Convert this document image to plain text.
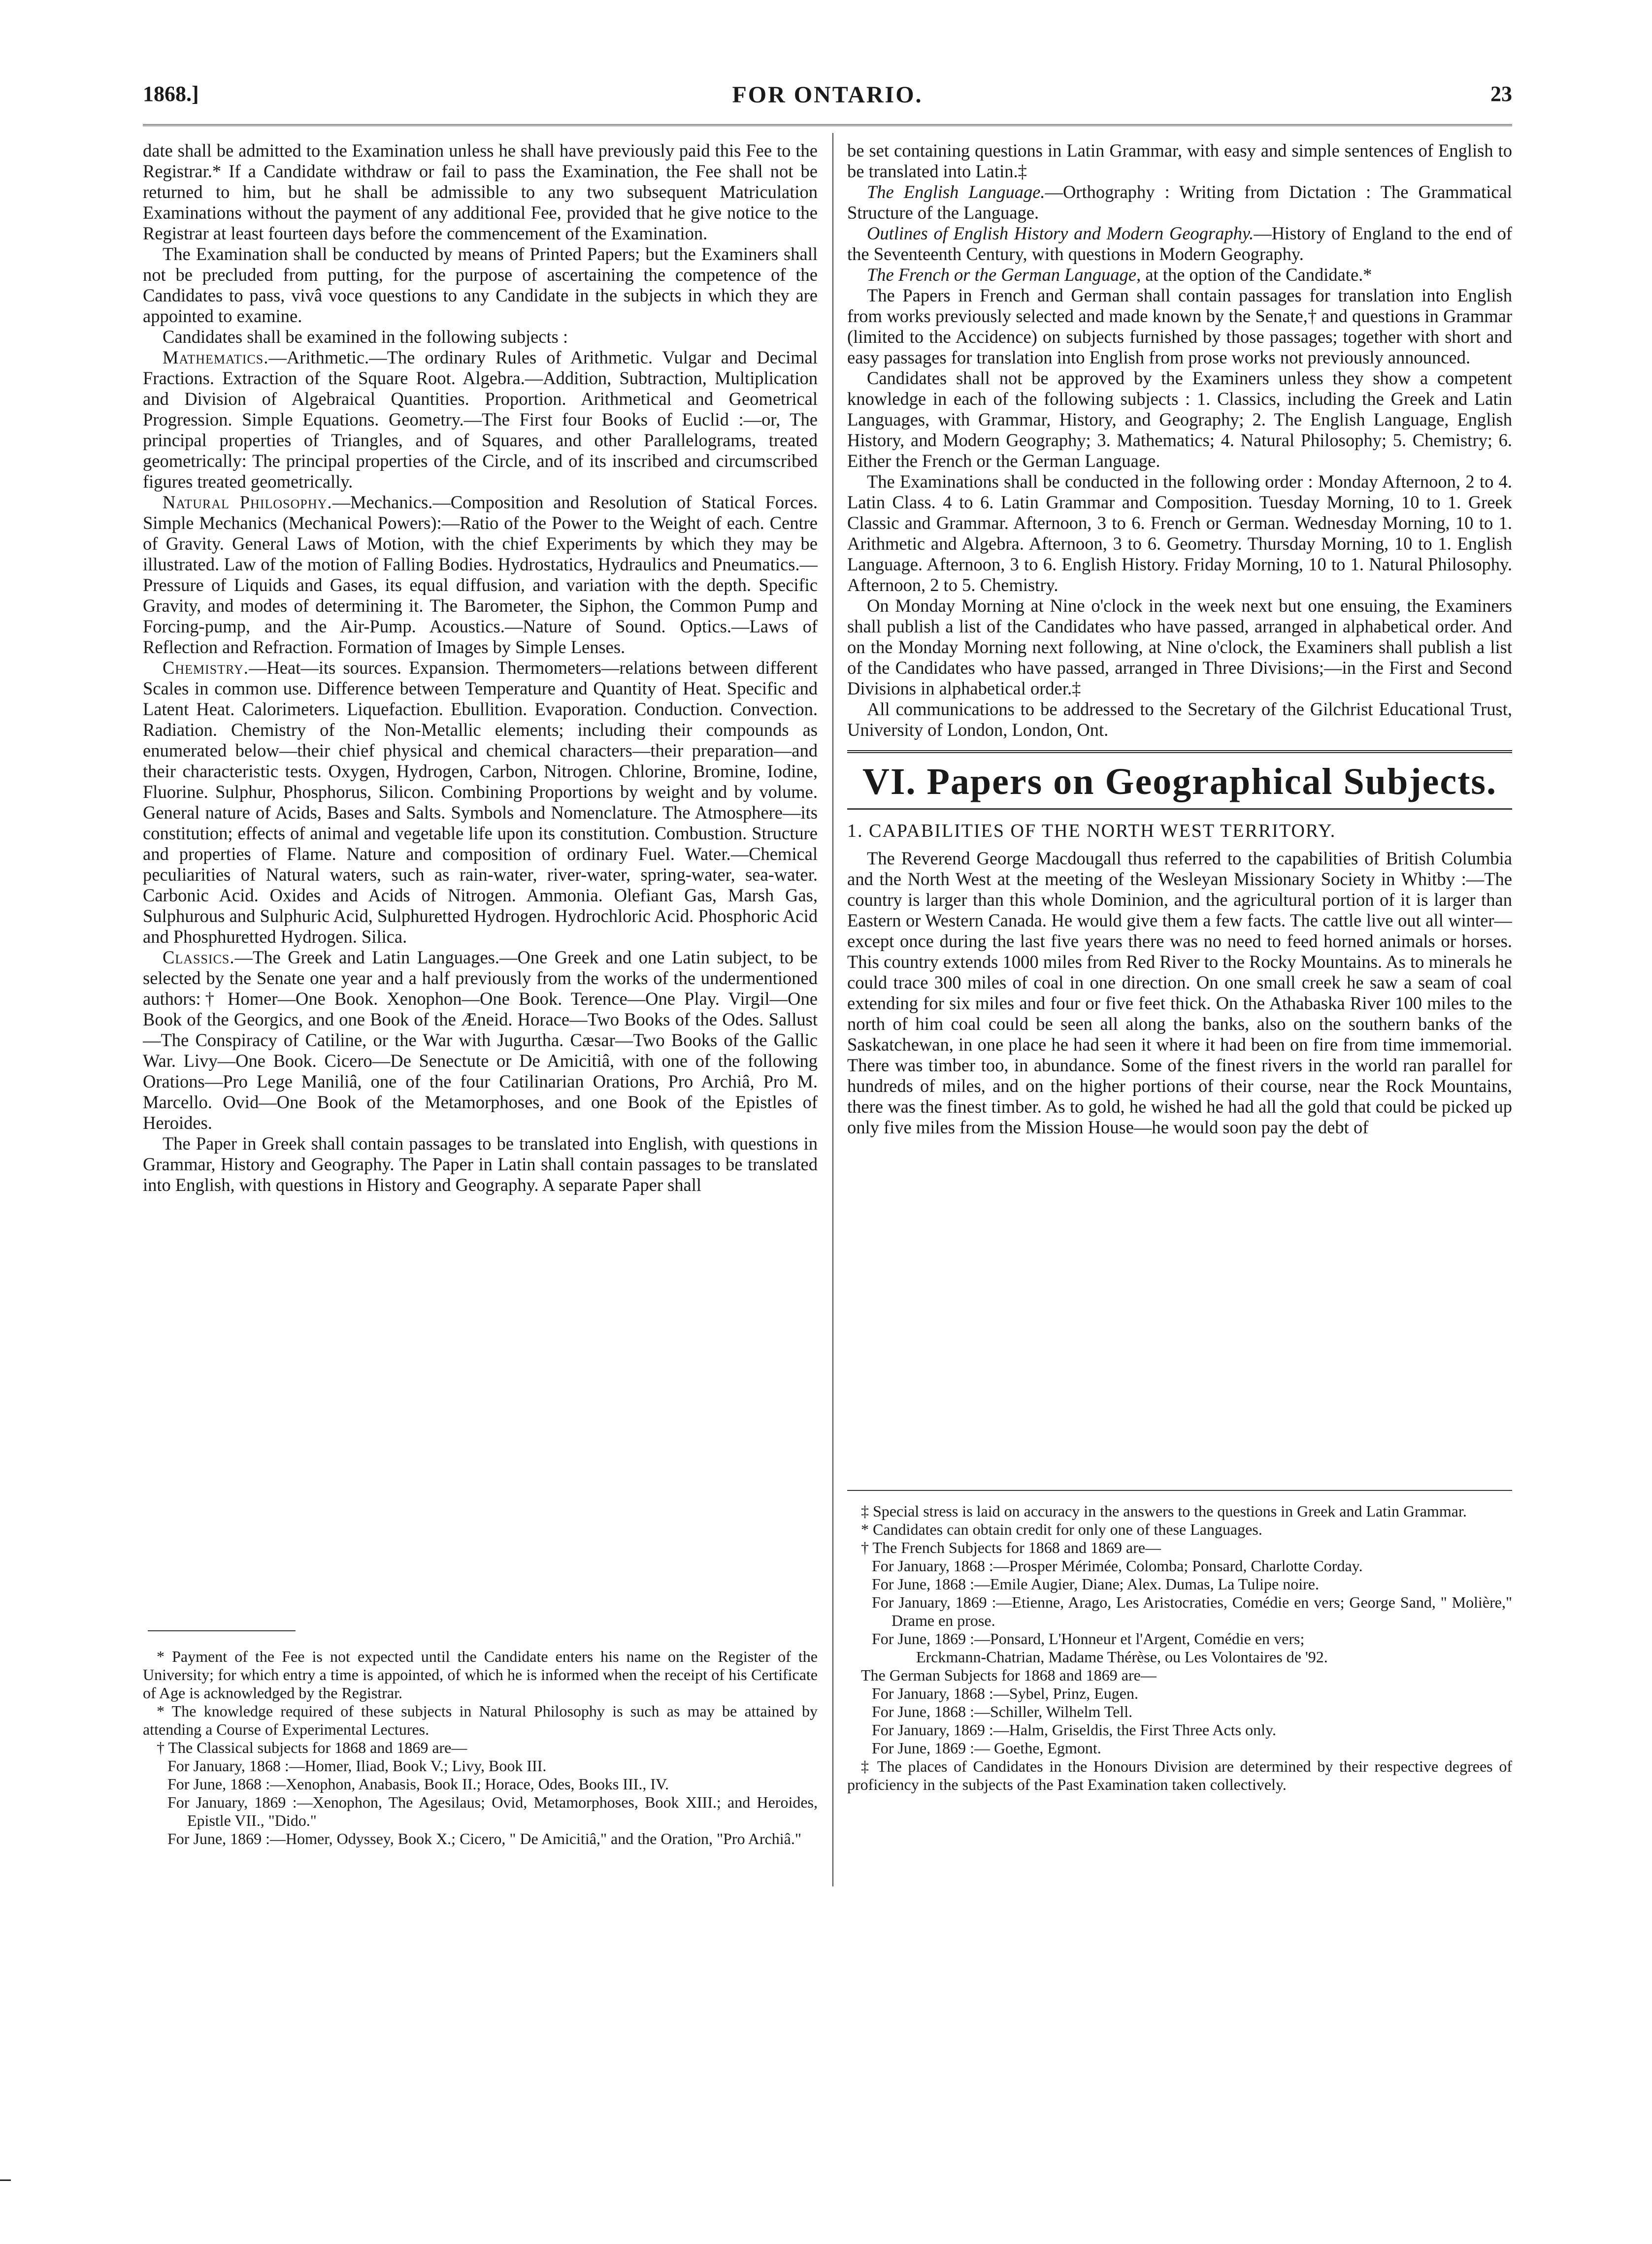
1868.]	FOR ONTARIO.	23

date shall be admitted to the Examination unless he shall have previously paid this Fee to the Registrar.* If a Candidate withdraw or fail to pass the Examination, the Fee shall not be returned to him, but he shall be admissible to any two subsequent Matriculation Examinations without the payment of any additional Fee, provided that he give notice to the Registrar at least fourteen days before the commencement of the Examination.

The Examination shall be conducted by means of Printed Papers; but the Examiners shall not be precluded from putting, for the purpose of ascertaining the competence of the Candidates to pass, vivâ voce questions to any Candidate in the subjects in which they are appointed to examine.

Candidates shall be examined in the following subjects :

Mathematics.—Arithmetic.—The ordinary Rules of Arithmetic. Vulgar and Decimal Fractions. Extraction of the Square Root. Algebra.—Addition, Subtraction, Multiplication and Division of Algebraical Quantities. Proportion. Arithmetical and Geometrical Progression. Simple Equations. Geometry.—The First four Books of Euclid :—or, The principal properties of Triangles, and of Squares, and other Parallelograms, treated geometrically: The principal properties of the Circle, and of its inscribed and circumscribed figures treated geometrically.

Natural Philosophy.—Mechanics.—Composition and Resolution of Statical Forces. Simple Mechanics (Mechanical Powers):—Ratio of the Power to the Weight of each. Centre of Gravity. General Laws of Motion, with the chief Experiments by which they may be illustrated. Law of the motion of Falling Bodies. Hydrostatics, Hydraulics and Pneumatics.—Pressure of Liquids and Gases, its equal diffusion, and variation with the depth. Specific Gravity, and modes of determining it. The Barometer, the Siphon, the Common Pump and Forcing-pump, and the Air-Pump. Acoustics.—Nature of Sound. Optics.—Laws of Reflection and Refraction. Formation of Images by Simple Lenses.

Chemistry.—Heat—its sources. Expansion. Thermometers—relations between different Scales in common use. Difference between Temperature and Quantity of Heat. Specific and Latent Heat. Calorimeters. Liquefaction. Ebullition. Evaporation. Conduction. Convection. Radiation. Chemistry of the Non-Metallic elements; including their compounds as enumerated below—their chief physical and chemical characters—their preparation—and their characteristic tests. Oxygen, Hydrogen, Carbon, Nitrogen. Chlorine, Bromine, Iodine, Fluorine. Sulphur, Phosphorus, Silicon. Combining Proportions by weight and by volume. General nature of Acids, Bases and Salts. Symbols and Nomenclature. The Atmosphere—its constitution; effects of animal and vegetable life upon its constitution. Combustion. Structure and properties of Flame. Nature and composition of ordinary Fuel. Water.—Chemical peculiarities of Natural waters, such as rain-water, river-water, spring-water, sea-water. Carbonic Acid. Oxides and Acids of Nitrogen. Ammonia. Olefiant Gas, Marsh Gas, Sulphurous and Sulphuric Acid, Sulphuretted Hydrogen. Hydrochloric Acid. Phosphoric Acid and Phosphuretted Hydrogen. Silica.

Classics.—The Greek and Latin Languages.—One Greek and one Latin subject, to be selected by the Senate one year and a half previously from the works of the undermentioned authors:† Homer—One Book. Xenophon—One Book. Terence—One Play. Virgil—One Book of the Georgics, and one Book of the Æneid. Horace—Two Books of the Odes. Sallust—The Conspiracy of Catiline, or the War with Jugurtha. Cæsar—Two Books of the Gallic War. Livy—One Book. Cicero—De Senectute or De Amicitiâ, with one of the following Orations—Pro Lege Maniliâ, one of the four Catilinarian Orations, Pro Archiâ, Pro M. Marcello. Ovid—One Book of the Metamorphoses, and one Book of the Epistles of Heroides.

The Paper in Greek shall contain passages to be translated into English, with questions in Grammar, History and Geography. The Paper in Latin shall contain passages to be translated into English, with questions in History and Geography. A separate Paper shall

be set containing questions in Latin Grammar, with easy and simple sentences of English to be translated into Latin.‡

The English Language.—Orthography : Writing from Dictation : The Grammatical Structure of the Language.

Outlines of English History and Modern Geography.—History of England to the end of the Seventeenth Century, with questions in Modern Geography.

The French or the German Language, at the option of the Candidate.*

The Papers in French and German shall contain passages for translation into English from works previously selected and made known by the Senate,† and questions in Grammar (limited to the Accidence) on subjects furnished by those passages; together with short and easy passages for translation into English from prose works not previously announced.

Candidates shall not be approved by the Examiners unless they show a competent knowledge in each of the following subjects : 1. Classics, including the Greek and Latin Languages, with Grammar, History, and Geography; 2. The English Language, English History, and Modern Geography; 3. Mathematics; 4. Natural Philosophy; 5. Chemistry; 6. Either the French or the German Language.

The Examinations shall be conducted in the following order : Monday Afternoon, 2 to 4. Latin Class. 4 to 6. Latin Grammar and Composition. Tuesday Morning, 10 to 1. Greek Classic and Grammar. Afternoon, 3 to 6. French or German. Wednesday Morning, 10 to 1. Arithmetic and Algebra. Afternoon, 3 to 6. Geometry. Thursday Morning, 10 to 1. English Language. Afternoon, 3 to 6. English History. Friday Morning, 10 to 1. Natural Philosophy. Afternoon, 2 to 5. Chemistry.

On Monday Morning at Nine o'clock in the week next but one ensuing, the Examiners shall publish a list of the Candidates who have passed, arranged in alphabetical order. And on the Monday Morning next following, at Nine o'clock, the Examiners shall publish a list of the Candidates who have passed, arranged in Three Divisions;—in the First and Second Divisions in alphabetical order.‡

All communications to be addressed to the Secretary of the Gilchrist Educational Trust, University of London, London, Ont.

VI. Papers on Geographical Subjects.

1. CAPABILITIES OF THE NORTH WEST TERRITORY.

The Reverend George Macdougall thus referred to the capabilities of British Columbia and the North West at the meeting of the Wesleyan Missionary Society in Whitby :—The country is larger than this whole Dominion, and the agricultural portion of it is larger than Eastern or Western Canada. He would give them a few facts. The cattle live out all winter—except once during the last five years there was no need to feed horned animals or horses. This country extends 1000 miles from Red River to the Rocky Mountains. As to minerals he could trace 300 miles of coal in one direction. On one small creek he saw a seam of coal extending for six miles and four or five feet thick. On the Athabaska River 100 miles to the north of him coal could be seen all along the banks, also on the southern banks of the Saskatchewan, in one place he had seen it where it had been on fire from time immemorial. There was timber too, in abundance. Some of the finest rivers in the world ran parallel for hundreds of miles, and on the higher portions of their course, near the Rock Mountains, there was the finest timber. As to gold, he wished he had all the gold that could be picked up only five miles from the Mission House—he would soon pay the debt of

* Payment of the Fee is not expected until the Candidate enters his name on the Register of the University; for which entry a time is appointed, of which he is informed when the receipt of his Certificate of Age is acknowledged by the Registrar.

* The knowledge required of these subjects in Natural Philosophy is such as may be attained by attending a Course of Experimental Lectures.

† The Classical subjects for 1868 and 1869 are—

For January, 1868 :—Homer, Iliad, Book V.; Livy, Book III.

For June, 1868 :—Xenophon, Anabasis, Book II.; Horace, Odes, Books III., IV.

For January, 1869 :—Xenophon, The Agesilaus; Ovid, Metamorphoses, Book XIII.; and Heroides, Epistle VII., "Dido."

For June, 1869 :—Homer, Odyssey, Book X.; Cicero, " De Amicitiâ," and the Oration, "Pro Archiâ."

‡ Special stress is laid on accuracy in the answers to the questions in Greek and Latin Grammar.

* Candidates can obtain credit for only one of these Languages.

† The French Subjects for 1868 and 1869 are—

For January, 1868 :—Prosper Mérimée, Colomba; Ponsard, Charlotte Corday.

For June, 1868 :—Emile Augier, Diane; Alex. Dumas, La Tulipe noire.

For January, 1869 :—Etienne, Arago, Les Aristocraties, Comédie en vers; George Sand, " Molière," Drame en prose.

For June, 1869 :—Ponsard, L'Honneur et l'Argent, Comédie en vers;

Erckmann-Chatrian, Madame Thérèse, ou Les Volontaires de '92.

The German Subjects for 1868 and 1869 are—

For January, 1868 :—Sybel, Prinz, Eugen.

For June, 1868 :—Schiller, Wilhelm Tell.

For January, 1869 :—Halm, Griseldis, the First Three Acts only.

For June, 1869 :— Goethe, Egmont.

‡ The places of Candidates in the Honours Division are determined by their respective degrees of proficiency in the subjects of the Past Examination taken collectively.
